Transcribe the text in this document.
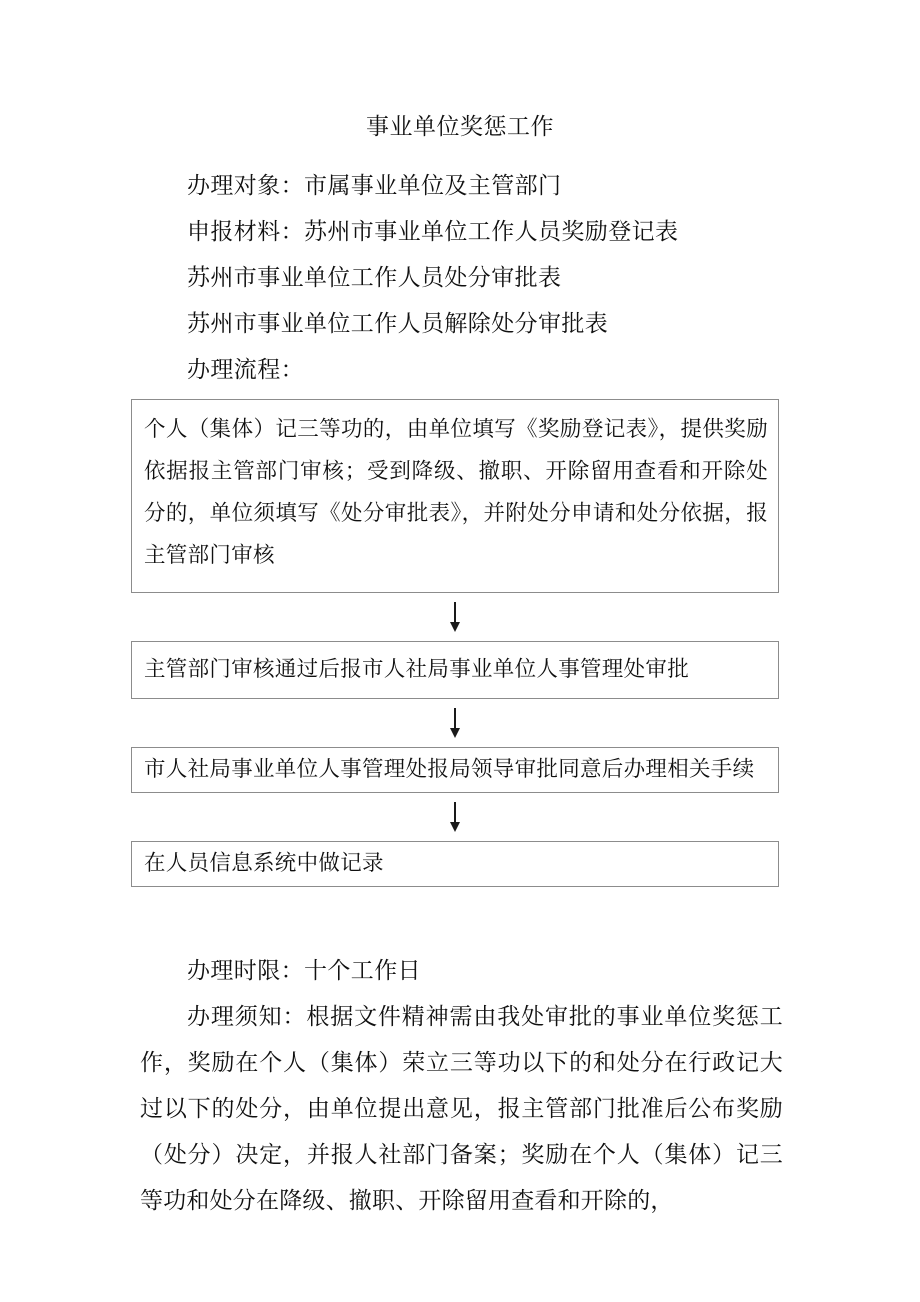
事业单位奖惩工作
办理对象：市属事业单位及主管部门
申报材料：苏州市事业单位工作人员奖励登记表
苏州市事业单位工作人员处分审批表
苏州市事业单位工作人员解除处分审批表
办理流程：
个人（集体）记三等功的，由单位填写《奖励登记表》，提供奖励依据报主管部门审核；受到降级、撤职、开除留用查看和开除处分的，单位须填写《处分审批表》，并附处分申请和处分依据，报主管部门审核
主管部门审核通过后报市人社局事业单位人事管理处审批
市人社局事业单位人事管理处报局领导审批同意后办理相关手续
在人员信息系统中做记录
办理时限：十个工作日
办理须知：根据文件精神需由我处审批的事业单位奖惩工作，奖励在个人（集体）荣立三等功以下的和处分在行政记大过以下的处分，由单位提出意见，报主管部门批准后公布奖励（处分）决定，并报人社部门备案；奖励在个人（集体）记三等功和处分在降级、撤职、开除留用查看和开除的，
